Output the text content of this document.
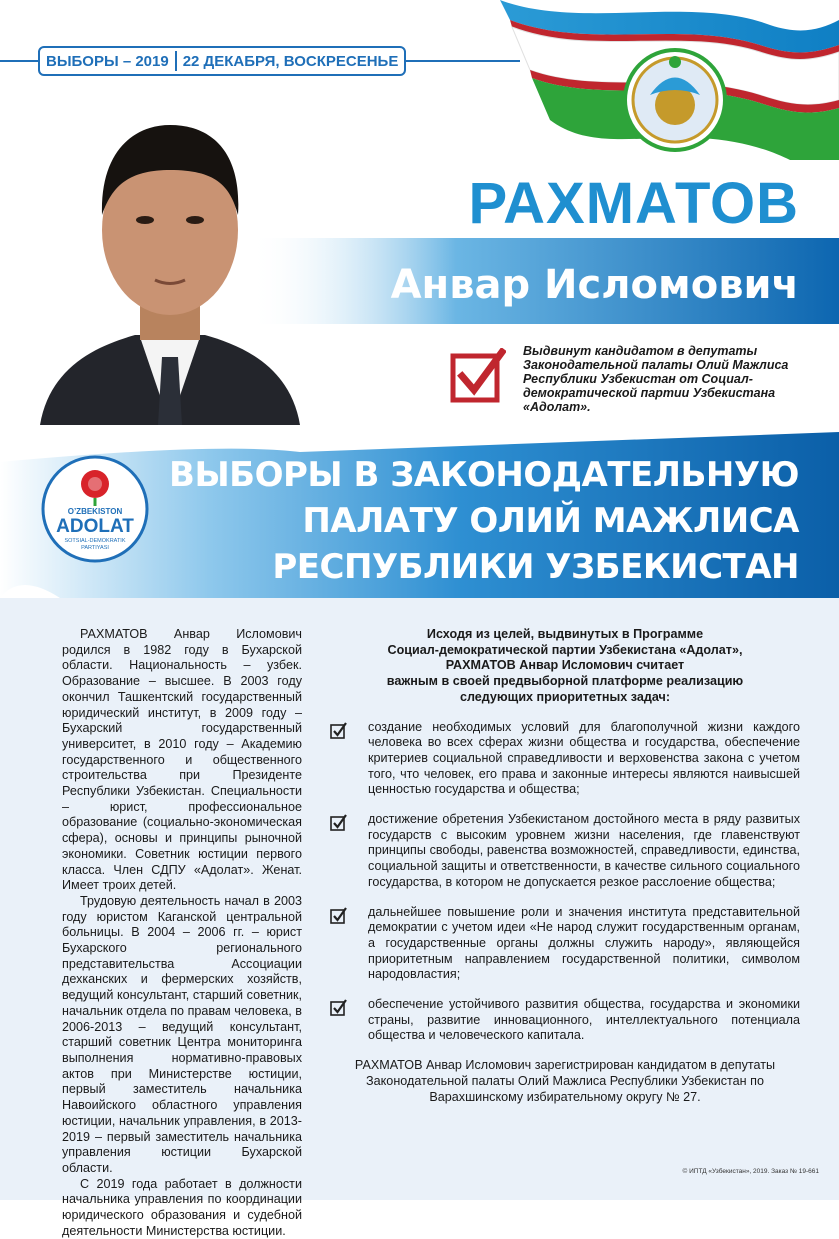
ВЫБОРЫ – 2019 22 ДЕКАБРЯ, ВОСКРЕСЕНЬЕ
РАХМАТОВ
Анвар Исломович
Выдвинут кандидатом в депутаты Законодательной палаты Олий Мажлиса Республики Узбекистан от Социал-демократической партии Узбекистана «Адолат».
ВЫБОРЫ В ЗАКОНОДАТЕЛЬНУЮ
ПАЛАТУ ОЛИЙ МАЖЛИСА
РЕСПУБЛИКИ УЗБЕКИСТАН
O’ZBEKISTON
ADOLAT
SOTSIAL-DEMOKRATIK
PARTIYASI

РАХМАТОВ Анвар Исломович родился в 1982 году в Бухарской области. Национальность – узбек. Образование – высшее. В 2003 году окончил Ташкентский государственный юридический институт, в 2009 году – Бухарский государственный университет, в 2010 году – Академию государственного и общественного строительства при Президенте Республики Узбекистан. Специальности – юрист, профессиональное образование (социально-экономическая сфера), основы и принципы рыночной экономики. Советник юстиции первого класса. Член СДПУ «Адолат». Женат. Имеет троих детей.

Трудовую деятельность начал в 2003 году юристом Каганской центральной больницы. В 2004 – 2006 гг. – юрист Бухарского регионального представительства Ассоциации дехканских и фермерских хозяйств, ведущий консультант, старший советник, начальник отдела по правам человека, в 2006-2013 – ведущий консультант, старший советник Центра мониторинга выполнения нормативно-правовых актов при Министерстве юстиции, первый заместитель начальника Навоийского областного управления юстиции, начальник управления, в 2013-2019 – первый заместитель начальника управления юстиции Бухарской области.

С 2019 года работает в должности начальника управления по координации юридического образования и судебной деятельности Министерства юстиции.

Исходя из целей, выдвинутых в Программе
Социал-демократической партии Узбекистана «Адолат»,
РАХМАТОВ Анвар Исломович считает
важным в своей предвыборной платформе реализацию
следующих приоритетных задач:
создание необходимых условий для благополучной жизни каждого человека во всех сферах жизни общества и государства, обеспечение критериев социальной справедливости и верховенства закона с учетом того, что человек, его права и законные интересы являются наивысшей ценностью государства и общества;
достижение обретения Узбекистаном достойного места в ряду развитых государств с высоким уровнем жизни населения, где главенствуют принципы свободы, равенства возможностей, справедливости, единства, социальной защиты и ответственности, в качестве сильного социального государства, в котором не допускается резкое расслоение общества;
дальнейшее повышение роли и значения института представительной демократии с учетом идеи «Не народ служит государственным органам, а государственные органы должны служить народу», являющейся приоритетным направлением государственной политики, символом народовластия;
обеспечение устойчивого развития общества, государства и экономики страны, развитие инновационного, интеллектуального потенциала общества и человеческого капитала.
РАХМАТОВ Анвар Исломович зарегистрирован кандидатом в депутаты Законодательной палаты Олий Мажлиса Республики Узбекистан по Варахшинскому избирательному округу № 27.
© ИПТД «Узбекистан», 2019. Заказ № 19-661
